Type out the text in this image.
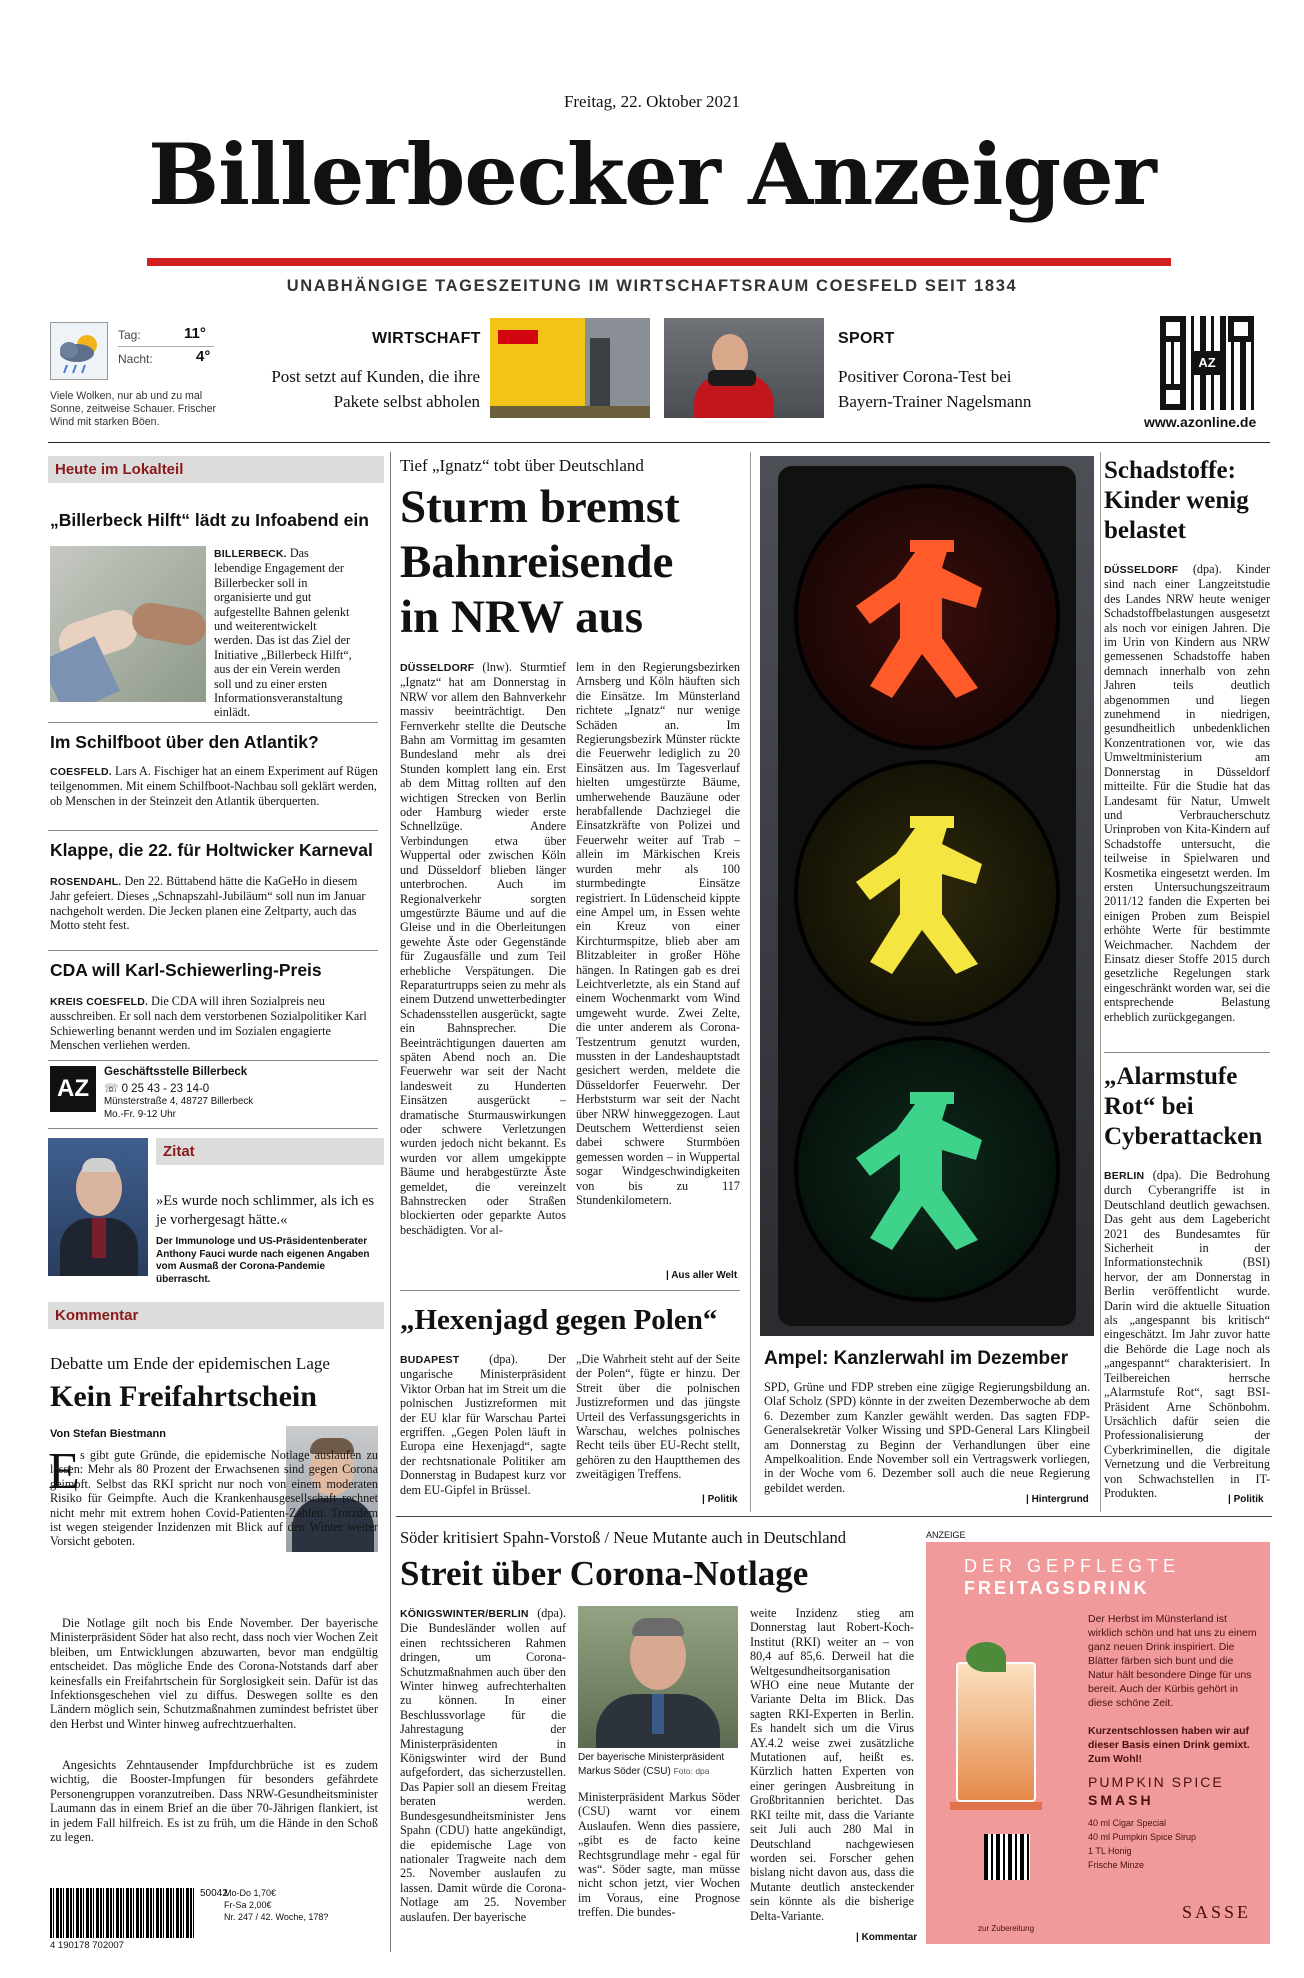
Freitag, 22. Oktober 2021
Billerbecker Anzeiger
UNABHÄNGIGE TAGESZEITUNG IM WIRTSCHAFTSRAUM COESFELD SEIT 1834
Tag:	11°
Nacht:	4°
Viele Wolken, nur ab und zu mal Sonne, zeitweise Schauer. Frischer Wind mit starken Böen.
WIRTSCHAFT
Post setzt auf Kunden, die ihre Pakete selbst abholen
SPORT
Positiver Corona-Test bei Bayern-Trainer Nagelsmann
AZ
www.azonline.de
Heute im Lokalteil
„Billerbeck Hilft“ lädt zu Infoabend ein
BILLERBECK. Das lebendige Engagement der Billerbecker soll in organisierte und gut aufgestellte Bahnen gelenkt und weiterentwickelt werden. Das ist das Ziel der Initiative „Billerbeck Hilft“, aus der ein Verein werden soll und zu einer ersten Informationsveranstaltung einlädt.
Im Schilfboot über den Atlantik?
COESFELD. Lars A. Fischiger hat an einem Experiment auf Rügen teilgenommen. Mit einem Schilfboot-Nachbau soll geklärt werden, ob Menschen in der Steinzeit den Atlantik überquerten.
Klappe, die 22. für Holtwicker Karneval
ROSENDAHL. Den 22. Büttabend hätte die KaGeHo in diesem Jahr gefeiert. Dieses „Schnapszahl-Jubiläum“ soll nun im Januar nachgeholt werden. Die Jecken planen eine Zeltparty, auch das Motto steht fest.
CDA will Karl-Schiewerling-Preis
KREIS COESFELD. Die CDA will ihren Sozialpreis neu ausschreiben. Er soll nach dem verstorbenen Sozialpolitiker Karl Schiewerling benannt werden und im Sozialen engagierte Menschen verliehen werden.
AZ
Geschäftsstelle Billerbeck
☏ 0 25 43 - 23 14-0
Münsterstraße 4, 48727 Billerbeck
Mo.-Fr. 9-12 Uhr
Zitat
»Es wurde noch schlimmer, als ich es je vorhergesagt hätte.«
Der Immunologe und US-Präsidentenberater Anthony Fauci wurde nach eigenen Angaben vom Ausmaß der Corona-Pandemie überrascht.
Kommentar
Debatte um Ende der epidemischen Lage
Kein Freifahrtschein
Von Stefan Biestmann
E s gibt gute Gründe, die epidemische Notlage auslaufen zu lassen: Mehr als 80 Prozent der Erwachsenen sind gegen Corona geimpft. Selbst das RKI spricht nur noch von einem moderaten Risiko für Geimpfte. Auch die Krankenhausgesellschaft rechnet nicht mehr mit extrem hohen Covid-Patienten-Zahlen. Trotzdem ist wegen steigender Inzidenzen mit Blick auf den Winter weiter Vorsicht geboten.
Die Notlage gilt noch bis Ende November. Der bayerische Ministerpräsident Söder hat also recht, dass noch vier Wochen Zeit bleiben, um Entwicklungen abzuwarten, bevor man endgültig entscheidet. Das mögliche Ende des Corona-Notstands darf aber keinesfalls ein Freifahrtschein für Sorglosigkeit sein. Dafür ist das Infektionsgeschehen viel zu diffus. Deswegen sollte es den Ländern möglich sein, Schutzmaßnahmen zumindest befristet über den Herbst und Winter hinweg aufrechtzuerhalten.
Angesichts Zehntausender Impfdurchbrüche ist es zudem wichtig, die Booster-Impfungen für besonders gefährdete Personengruppen voranzutreiben. Dass NRW-Gesundheitsminister Laumann das in einem Brief an die über 70-Jährigen flankiert, ist in jedem Fall hilfreich. Es ist zu früh, um die Hände in den Schoß zu legen.
4 190178 702007
50042
Mo-Do 1,70€
Fr-Sa 2,00€
Nr. 247 / 42. Woche, 178?
Tief „Ignatz“ tobt über Deutschland
Sturm bremst Bahnreisende in NRW aus
DÜSSELDORF (lnw). Sturmtief „Ignatz“ hat am Donnerstag in NRW vor allem den Bahnverkehr massiv beeinträchtigt. Den Fernverkehr stellte die Deutsche Bahn am Vormittag im gesamten Bundesland mehr als drei Stunden komplett lang ein. Erst ab dem Mittag rollten auf den wichtigen Strecken von Berlin oder Hamburg wieder erste Schnellzüge. Andere Verbindungen etwa über Wuppertal oder zwischen Köln und Düsseldorf blieben länger unterbrochen. Auch im Regionalverkehr sorgten umgestürzte Bäume und auf die Gleise und in die Oberleitungen gewehte Äste oder Gegenstände für Zugausfälle und zum Teil erhebliche Verspätungen. Die Reparaturtrupps seien zu mehr als einem Dutzend unwetterbedingter Schadensstellen ausgerückt, sagte ein Bahnsprecher. Die Beeinträchtigungen dauerten am späten Abend noch an. Die Feuerwehr war seit der Nacht landesweit zu Hunderten Einsätzen ausgerückt – dramatische Sturmauswirkungen oder schwere Verletzungen wurden jedoch nicht bekannt. Es wurden vor allem umgekippte Bäume und herabgestürzte Äste gemeldet, die vereinzelt Bahnstrecken oder Straßen blockierten oder geparkte Autos beschädigten. Vor al-
lem in den Regierungsbezirken Arnsberg und Köln häuften sich die Einsätze. Im Münsterland richtete „Ignatz“ nur wenige Schäden an. Im Regierungsbezirk Münster rückte die Feuerwehr lediglich zu 20 Einsätzen aus. Im Tagesverlauf hielten umgestürzte Bäume, umherwehende Bauzäune oder herabfallende Dachziegel die Einsatzkräfte von Polizei und Feuerwehr weiter auf Trab – allein im Märkischen Kreis wurden mehr als 100 sturmbedingte Einsätze registriert. In Lüdenscheid kippte eine Ampel um, in Essen wehte ein Kreuz von einer Kirchturmspitze, blieb aber am Blitzableiter in großer Höhe hängen. In Ratingen gab es drei Leichtverletzte, als ein Stand auf einem Wochenmarkt vom Wind umgeweht wurde. Zwei Zelte, die unter anderem als Corona-Testzentrum genutzt wurden, mussten in der Landeshauptstadt gesichert werden, meldete die Düsseldorfer Feuerwehr. Der Herbststurm war seit der Nacht über NRW hinweggezogen. Laut Deutschem Wetterdienst seien dabei schwere Sturmböen gemessen worden – in Wuppertal sogar Windgeschwindigkeiten von bis zu 117 Stundenkilometern.
| Aus aller Welt
„Hexenjagd gegen Polen“
BUDAPEST (dpa). Der ungarische Ministerpräsident Viktor Orban hat im Streit um die polnischen Justizreformen mit der EU klar für Warschau Partei ergriffen. „Gegen Polen läuft in Europa eine Hexenjagd“, sagte der rechtsnationale Politiker am Donnerstag in Budapest kurz vor dem EU-Gipfel in Brüssel.
„Die Wahrheit steht auf der Seite der Polen“, fügte er hinzu. Der Streit über die polnischen Justizreformen und das jüngste Urteil des Verfassungsgerichts in Warschau, welches polnisches Recht teils über EU-Recht stellt, gehören zu den Hauptthemen des zweitägigen Treffens.
| Politik
Ampel: Kanzlerwahl im Dezember
SPD, Grüne und FDP streben eine zügige Regierungsbildung an. Olaf Scholz (SPD) könnte in der zweiten Dezemberwoche ab dem 6. Dezember zum Kanzler gewählt werden. Das sagten FDP-Generalsekretär Volker Wissing und SPD-General Lars Klingbeil am Donnerstag zu Beginn der Verhandlungen über eine Ampelkoalition. Ende November soll ein Vertragswerk vorliegen, in der Woche vom 6. Dezember soll auch die neue Regierung gebildet werden.
| Hintergrund
Schadstoffe: Kinder wenig belastet
DÜSSELDORF (dpa). Kinder sind nach einer Langzeitstudie des Landes NRW heute weniger Schadstoffbelastungen ausgesetzt als noch vor einigen Jahren. Die im Urin von Kindern aus NRW gemessenen Schadstoffe haben demnach innerhalb von zehn Jahren teils deutlich abgenommen und liegen zunehmend in niedrigen, gesundheitlich unbedenklichen Konzentrationen vor, wie das Umweltministerium am Donnerstag in Düsseldorf mitteilte. Für die Studie hat das Landesamt für Natur, Umwelt und Verbraucherschutz Urinproben von Kita-Kindern auf Schadstoffe untersucht, die teilweise in Spielwaren und Kosmetika eingesetzt werden. Im ersten Untersuchungszeitraum 2011/12 fanden die Experten bei einigen Proben zum Beispiel erhöhte Werte für bestimmte Weichmacher. Nachdem der Einsatz dieser Stoffe 2015 durch gesetzliche Regelungen stark eingeschränkt worden war, sei die entsprechende Belastung erheblich zurückgegangen.
„Alarmstufe Rot“ bei Cyberattacken
BERLIN (dpa). Die Bedrohung durch Cyberangriffe ist in Deutschland deutlich gewachsen. Das geht aus dem Lagebericht 2021 des Bundesamtes für Sicherheit in der Informationstechnik (BSI) hervor, der am Donnerstag in Berlin veröffentlicht wurde. Darin wird die aktuelle Situation als „angespannt bis kritisch“ eingeschätzt. Im Jahr zuvor hatte die Behörde die Lage noch als „angespannt“ charakterisiert. In Teilbereichen herrsche „Alarmstufe Rot“, sagt BSI-Präsident Arne Schönbohm. Ursächlich dafür seien die Professionalisierung der Cyberkriminellen, die digitale Vernetzung und die Verbreitung von Schwachstellen in IT-Produkten.	| Politik
Söder kritisiert Spahn-Vorstoß / Neue Mutante auch in Deutschland
Streit über Corona-Notlage
KÖNIGSWINTER/BERLIN (dpa). Die Bundesländer wollen auf einen rechtssicheren Rahmen dringen, um Corona-Schutzmaßnahmen auch über den Winter hinweg aufrechterhalten zu können. In einer Beschlussvorlage für die Jahrestagung der Ministerpräsidenten in Königswinter wird der Bund aufgefordert, das sicherzustellen. Das Papier soll an diesem Freitag beraten werden. Bundesgesundheitsminister Jens Spahn (CDU) hatte angekündigt, die epidemische Lage von nationaler Tragweite nach dem 25. November auslaufen zu lassen. Damit würde die Corona-Notlage am 25. November auslaufen. Der bayerische
Der bayerische Ministerpräsident Markus Söder (CSU) Foto: dpa
Ministerpräsident Markus Söder (CSU) warnt vor einem Auslaufen. Wenn dies passiere, „gibt es de facto keine Rechtsgrundlage mehr - egal für was“. Söder sagte, man müsse nicht schon jetzt, vier Wochen im Voraus, eine Prognose treffen. Die bundes-
weite Inzidenz stieg am Donnerstag laut Robert-Koch-Institut (RKI) weiter an – von 80,4 auf 85,6. Derweil hat die Weltgesundheitsorganisation WHO eine neue Mutante der Variante Delta im Blick. Das sagten RKI-Experten in Berlin. Es handelt sich um die Virus AY.4.2 weise zwei zusätzliche Mutationen auf, heißt es. Kürzlich hatten Experten von einer geringen Ausbreitung in Großbritannien berichtet. Das RKI teilte mit, dass die Variante seit Juli auch 280 Mal in Deutschland nachgewiesen worden sei. Forscher gehen bislang nicht davon aus, dass die Mutante deutlich ansteckender sein könnte als die bisherige Delta-Variante.
| Kommentar
ANZEIGE
DER GEPFLEGTE
FREITAGSDRINK
Der Herbst im Münsterland ist wirklich schön und hat uns zu einem ganz neuen Drink inspiriert. Die Blätter färben sich bunt und die Natur hält besondere Dinge für uns bereit. Auch der Kürbis gehört in diese schöne Zeit.
Kurzentschlossen haben wir auf dieser Basis einen Drink gemixt. Zum Wohl!
PUMPKIN SPICE
SMASH
40 ml Cigar Special
40 ml Pumpkin Spice Sirup
1 TL Honig
Frische Minze
zur Zubereitung
SASSE
